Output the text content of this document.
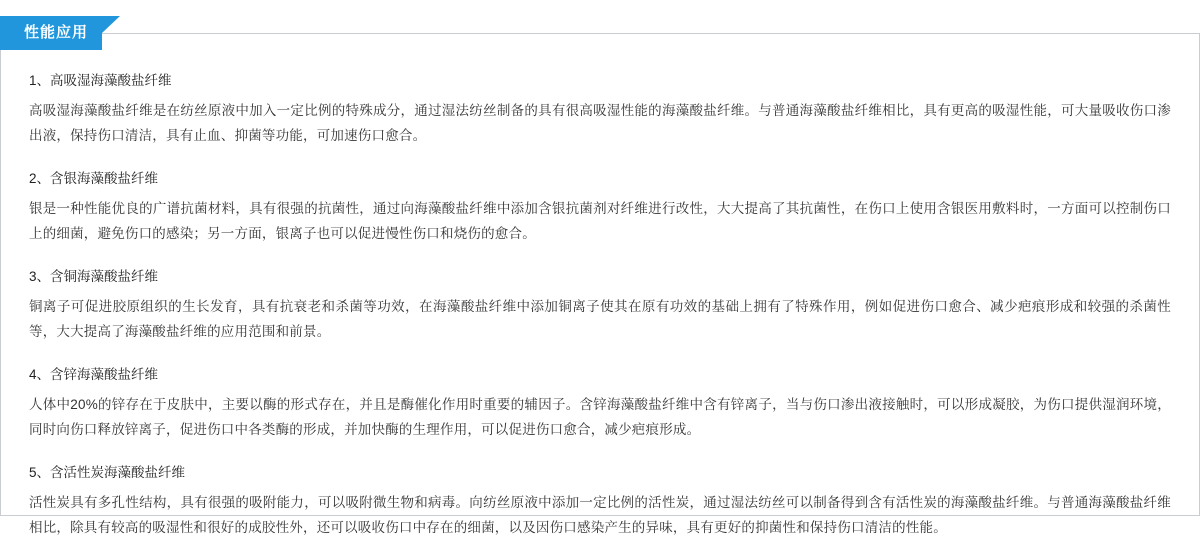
性能应用
1、高吸湿海藻酸盐纤维
高吸湿海藻酸盐纤维是在纺丝原液中加入一定比例的特殊成分，通过湿法纺丝制备的具有很高吸湿性能的海藻酸盐纤维。与普通海藻酸盐纤维相比，具有更高的吸湿性能，可大量吸收伤口渗出液，保持伤口清洁，具有止血、抑菌等功能，可加速伤口愈合。
2、含银海藻酸盐纤维
银是一种性能优良的广谱抗菌材料，具有很强的抗菌性，通过向海藻酸盐纤维中添加含银抗菌剂对纤维进行改性，大大提高了其抗菌性，在伤口上使用含银医用敷料时，一方面可以控制伤口上的细菌，避免伤口的感染；另一方面，银离子也可以促进慢性伤口和烧伤的愈合。
3、含铜海藻酸盐纤维
铜离子可促进胶原组织的生长发育，具有抗衰老和杀菌等功效，在海藻酸盐纤维中添加铜离子使其在原有功效的基础上拥有了特殊作用，例如促进伤口愈合、减少疤痕形成和较强的杀菌性等，大大提高了海藻酸盐纤维的应用范围和前景。
4、含锌海藻酸盐纤维
人体中20%的锌存在于皮肤中，主要以酶的形式存在，并且是酶催化作用时重要的辅因子。含锌海藻酸盐纤维中含有锌离子，当与伤口渗出液接触时，可以形成凝胶，为伤口提供湿润环境，同时向伤口释放锌离子，促进伤口中各类酶的形成，并加快酶的生理作用，可以促进伤口愈合，减少疤痕形成。
5、含活性炭海藻酸盐纤维
活性炭具有多孔性结构，具有很强的吸附能力，可以吸附微生物和病毒。向纺丝原液中添加一定比例的活性炭，通过湿法纺丝可以制备得到含有活性炭的海藻酸盐纤维。与普通海藻酸盐纤维相比，除具有较高的吸湿性和很好的成胶性外，还可以吸收伤口中存在的细菌，以及因伤口感染产生的异味，具有更好的抑菌性和保持伤口清洁的性能。
